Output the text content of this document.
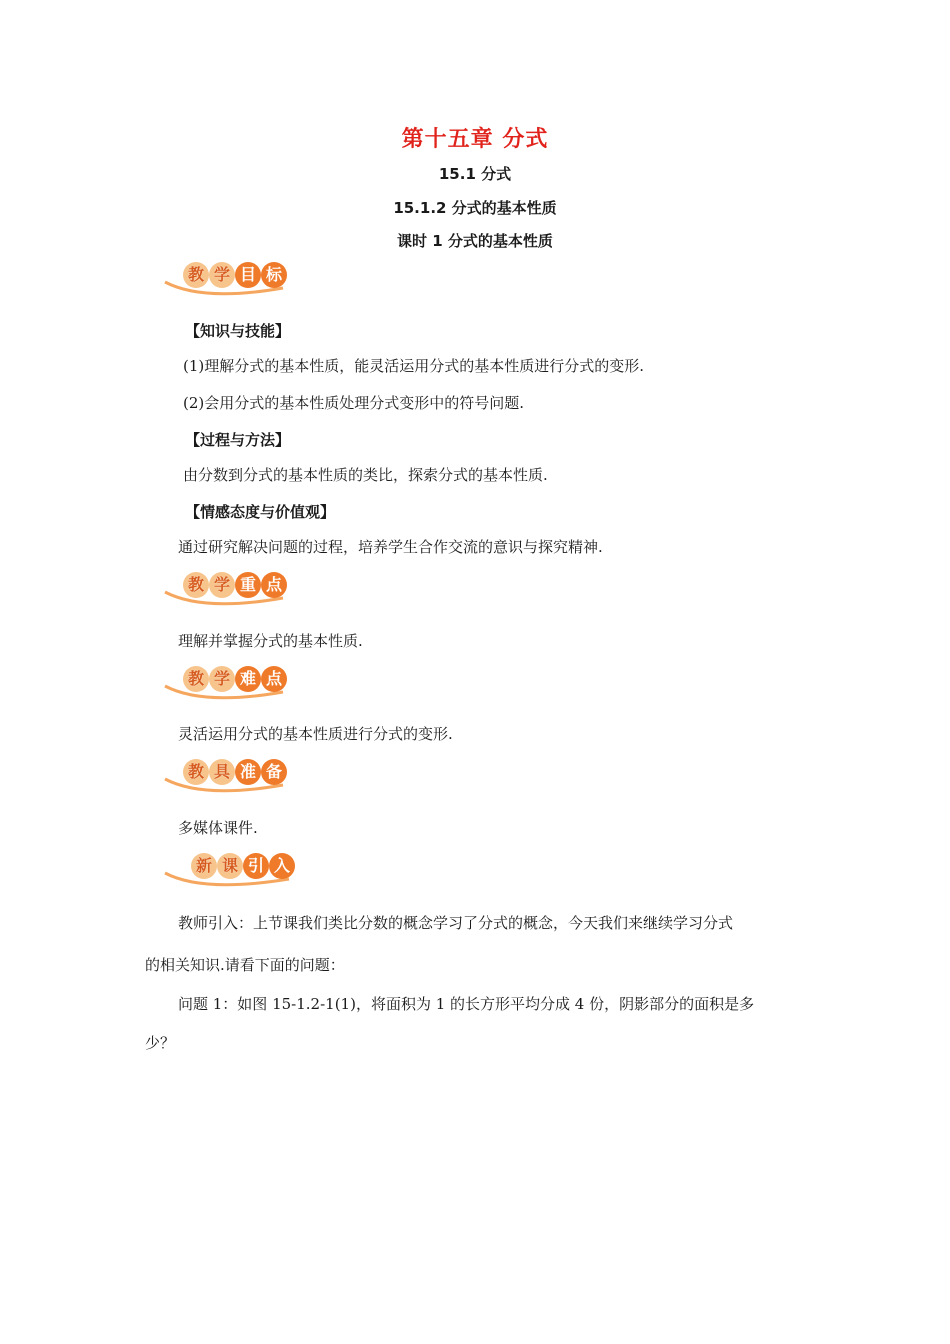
第十五章 分式
15.1 分式
15.1.2 分式的基本性质
课时 1 分式的基本性质
教 学 目 标
【知识与技能】
(1)理解分式的基本性质，能灵活运用分式的基本性质进行分式的变形.
(2)会用分式的基本性质处理分式变形中的符号问题.
【过程与方法】
由分数到分式的基本性质的类比，探索分式的基本性质.
【情感态度与价值观】
通过研究解决问题的过程，培养学生合作交流的意识与探究精神.
教 学 重 点
理解并掌握分式的基本性质.
教 学 难 点
灵活运用分式的基本性质进行分式的变形.
教 具 准 备
多媒体课件.
新 课 引 入
教师引入：上节课我们类比分数的概念学习了分式的概念，今天我们来继续学习分式
的相关知识.请看下面的问题：
问题 1：如图 15-1.2-1(1)，将面积为 1 的长方形平均分成 4 份，阴影部分的面积是多
少？
